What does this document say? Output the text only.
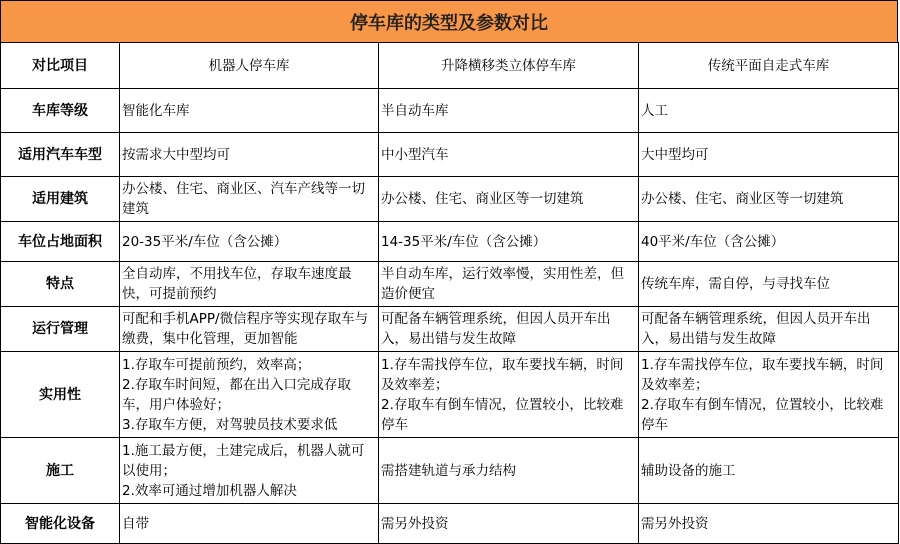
停车库的类型及参数对比
对比项目	机器人停车库	升降横移类立体停车库	传统平面自走式车库
车库等级	智能化车库	半自动车库	人工
适用汽车车型	按需求大中型均可	中小型汽车	大中型均可
适用建筑	办公楼、住宅、商业区、汽车产线等一切建筑	办公楼、住宅、商业区等一切建筑	办公楼、住宅、商业区等一切建筑
车位占地面积	20-35平米/车位（含公摊）	14-35平米/车位（含公摊）	40平米/车位（含公摊）
特点	全自动库，不用找车位，存取车速度最快，可提前预约	半自动车库，运行效率慢，实用性差，但造价便宜	传统车库，需自停，与寻找车位
运行管理	可配和手机APP/微信程序等实现存取车与缴费，集中化管理，更加智能	可配备车辆管理系统，但因人员开车出入，易出错与发生故障	可配备车辆管理系统，但因人员开车出入，易出错与发生故障
实用性	1.存取车可提前预约，效率高；
2.存取车时间短，都在出入口完成存取车，用户体验好；
3.存取车方便，对驾驶员技术要求低	1.存车需找停车位，取车要找车辆，时间及效率差；
2.存取车有倒车情况，位置较小，比较难停车	1.存车需找停车位，取车要找车辆，时间及效率差；
2.存取车有倒车情况，位置较小，比较难停车
施工	1.施工最方便，土建完成后，机器人就可以使用；
2.效率可通过增加机器人解决	需搭建轨道与承力结构	辅助设备的施工
智能化设备	自带	需另外投资	需另外投资
